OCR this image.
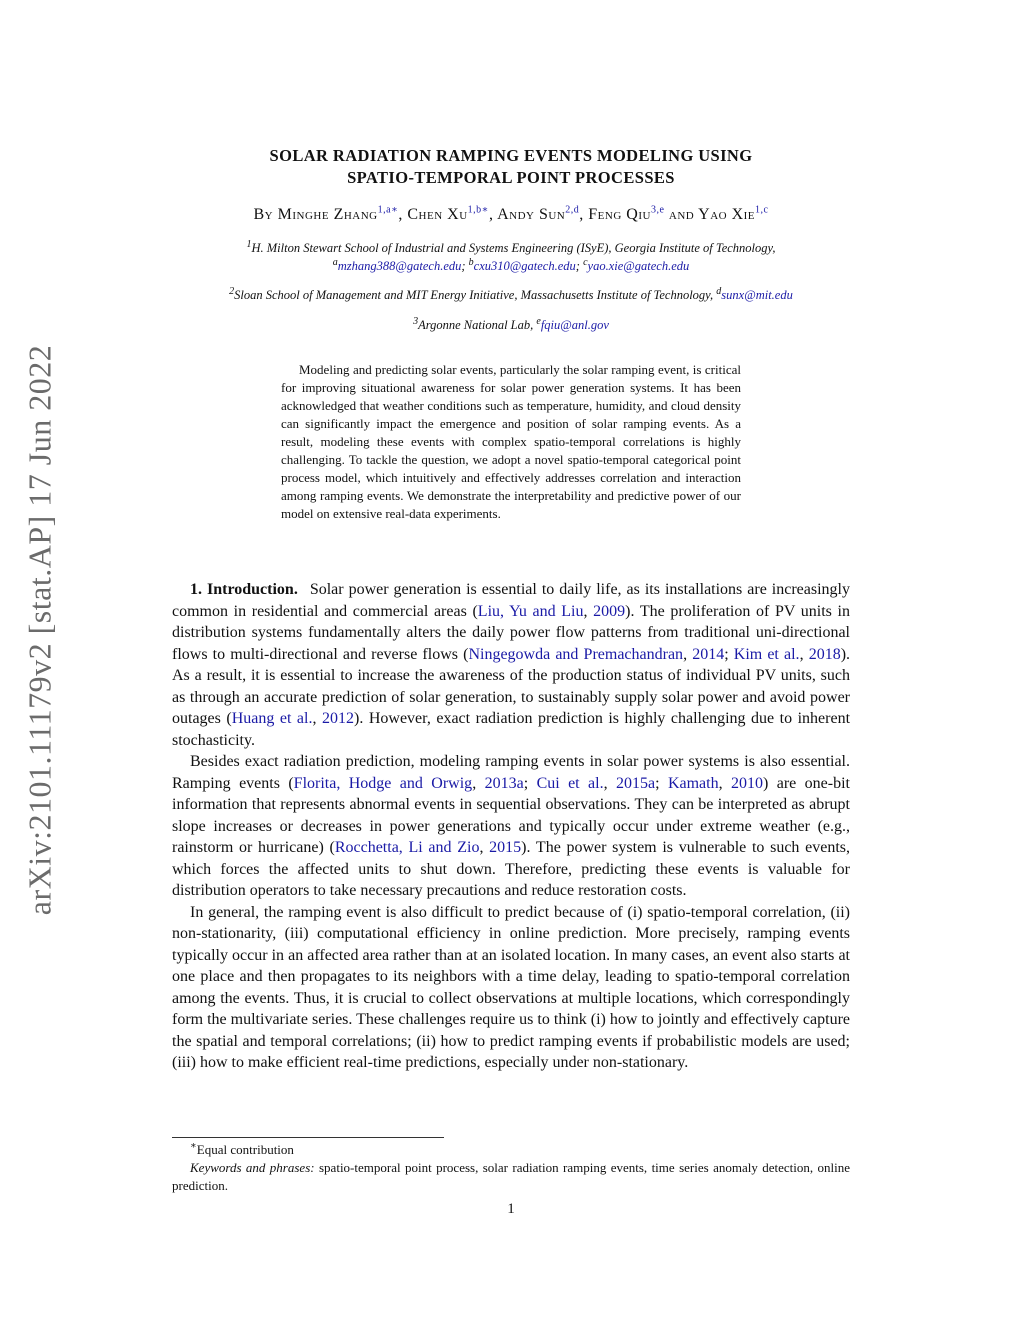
arXiv:2101.11179v2 [stat.AP] 17 Jun 2022
SOLAR RADIATION RAMPING EVENTS MODELING USING
SPATIO-TEMPORAL POINT PROCESSES
By Minghe Zhang$^{1,a∗}$, Chen Xu$^{1,b∗}$, Andy Sun$^{2,d}$, Feng Qiu$^{3,e}$ and Yao Xie$^{1,c}$
$^1$H. Milton Stewart School of Industrial and Systems Engineering (ISyE), Georgia Institute of Technology,
$^a$mzhang388@gatech.edu; $^b$cxu310@gatech.edu; $^c$yao.xie@gatech.edu
$^2$Sloan School of Management and MIT Energy Initiative, Massachusetts Institute of Technology, $^d$sunx@mit.edu
$^3$Argonne National Lab, $^e$fqiu@anl.gov
Modeling and predicting solar events, particularly the solar ramping event, is critical for improving situational awareness for solar power generation systems. It has been acknowledged that weather conditions such as temperature, humidity, and cloud density can significantly impact the emergence and position of solar ramping events. As a result, modeling these events with complex spatio-temporal correlations is highly challenging. To tackle the question, we adopt a novel spatio-temporal categorical point process model, which intuitively and effectively addresses correlation and interaction among ramping events. We demonstrate the interpretability and predictive power of our model on extensive real-data experiments.

1. Introduction. Solar power generation is essential to daily life, as its installations are increasingly common in residential and commercial areas (Liu, Yu and Liu, 2009). The proliferation of PV units in distribution systems fundamentally alters the daily power flow patterns from traditional uni-directional flows to multi-directional and reverse flows (Ningegowda and Premachandran, 2014; Kim et al., 2018). As a result, it is essential to increase the awareness of the production status of individual PV units, such as through an accurate prediction of solar generation, to sustainably supply solar power and avoid power outages (Huang et al., 2012). However, exact radiation prediction is highly challenging due to inherent stochasticity.

Besides exact radiation prediction, modeling ramping events in solar power systems is also essential. Ramping events (Florita, Hodge and Orwig, 2013a; Cui et al., 2015a; Kamath, 2010) are one-bit information that represents abnormal events in sequential observations. They can be interpreted as abrupt slope increases or decreases in power generations and typically occur under extreme weather (e.g., rainstorm or hurricane) (Rocchetta, Li and Zio, 2015). The power system is vulnerable to such events, which forces the affected units to shut down. Therefore, predicting these events is valuable for distribution operators to take necessary precautions and reduce restoration costs.

In general, the ramping event is also difficult to predict because of (i) spatio-temporal correlation, (ii) non-stationarity, (iii) computational efficiency in online prediction. More precisely, ramping events typically occur in an affected area rather than at an isolated location. In many cases, an event also starts at one place and then propagates to its neighbors with a time delay, leading to spatio-temporal correlation among the events. Thus, it is crucial to collect observations at multiple locations, which correspondingly form the multivariate series. These challenges require us to think (i) how to jointly and effectively capture the spatial and temporal correlations; (ii) how to predict ramping events if probabilistic models are used; (iii) how to make efficient real-time predictions, especially under non-stationary.

∗Equal contribution

Keywords and phrases: spatio-temporal point process, solar radiation ramping events, time series anomaly detection, online prediction.

1
